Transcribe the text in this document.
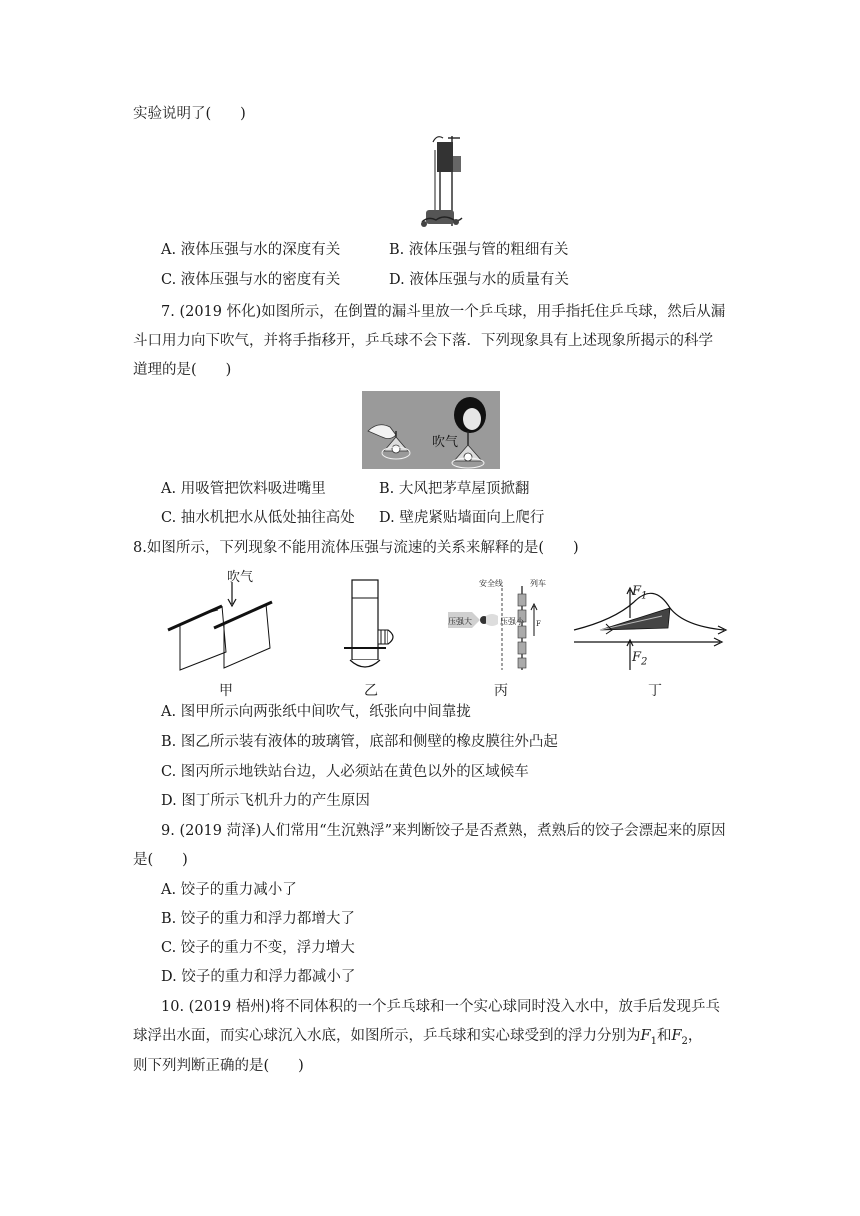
实验说明了(　　)
A. 液体压强与水的深度有关	B. 液体压强与管的粗细有关
C. 液体压强与水的密度有关	D. 液体压强与水的质量有关
7. (2019 怀化)如图所示，在倒置的漏斗里放一个乒乓球，用手指托住乒乓球，然后从漏
斗口用力向下吹气，并将手指移开，乒乓球不会下落．下列现象具有上述现象所揭示的科学
道理的是(　　)
吹气
A. 用吸管把饮料吸进嘴里	B. 大风把茅草屋顶掀翻
C. 抽水机把水从低处抽往高处 D. 壁虎紧贴墙面向上爬行
8.如图所示，下列现象不能用流体压强与流速的关系来解释的是(　　)
吹气	安全线	列车
压强大	压强小 F
$F_1$
$F_2$
甲	乙	丙	丁
A. 图甲所示向两张纸中间吹气，纸张向中间靠拢
B. 图乙所示装有液体的玻璃管，底部和侧壁的橡皮膜往外凸起
C. 图丙所示地铁站台边，人必须站在黄色以外的区域候车
D. 图丁所示飞机升力的产生原因
9. (2019 菏泽)人们常用“生沉熟浮”来判断饺子是否煮熟，煮熟后的饺子会漂起来的原因
是(　　)
A. 饺子的重力减小了
B. 饺子的重力和浮力都增大了
C. 饺子的重力不变，浮力增大
D. 饺子的重力和浮力都减小了
10. (2019 梧州)将不同体积的一个乒乓球和一个实心球同时没入水中，放手后发现乒乓
球浮出水面，而实心球沉入水底，如图所示，乒乓球和实心球受到的浮力分别为$F_1$和$F_2$，
则下列判断正确的是(　　)
